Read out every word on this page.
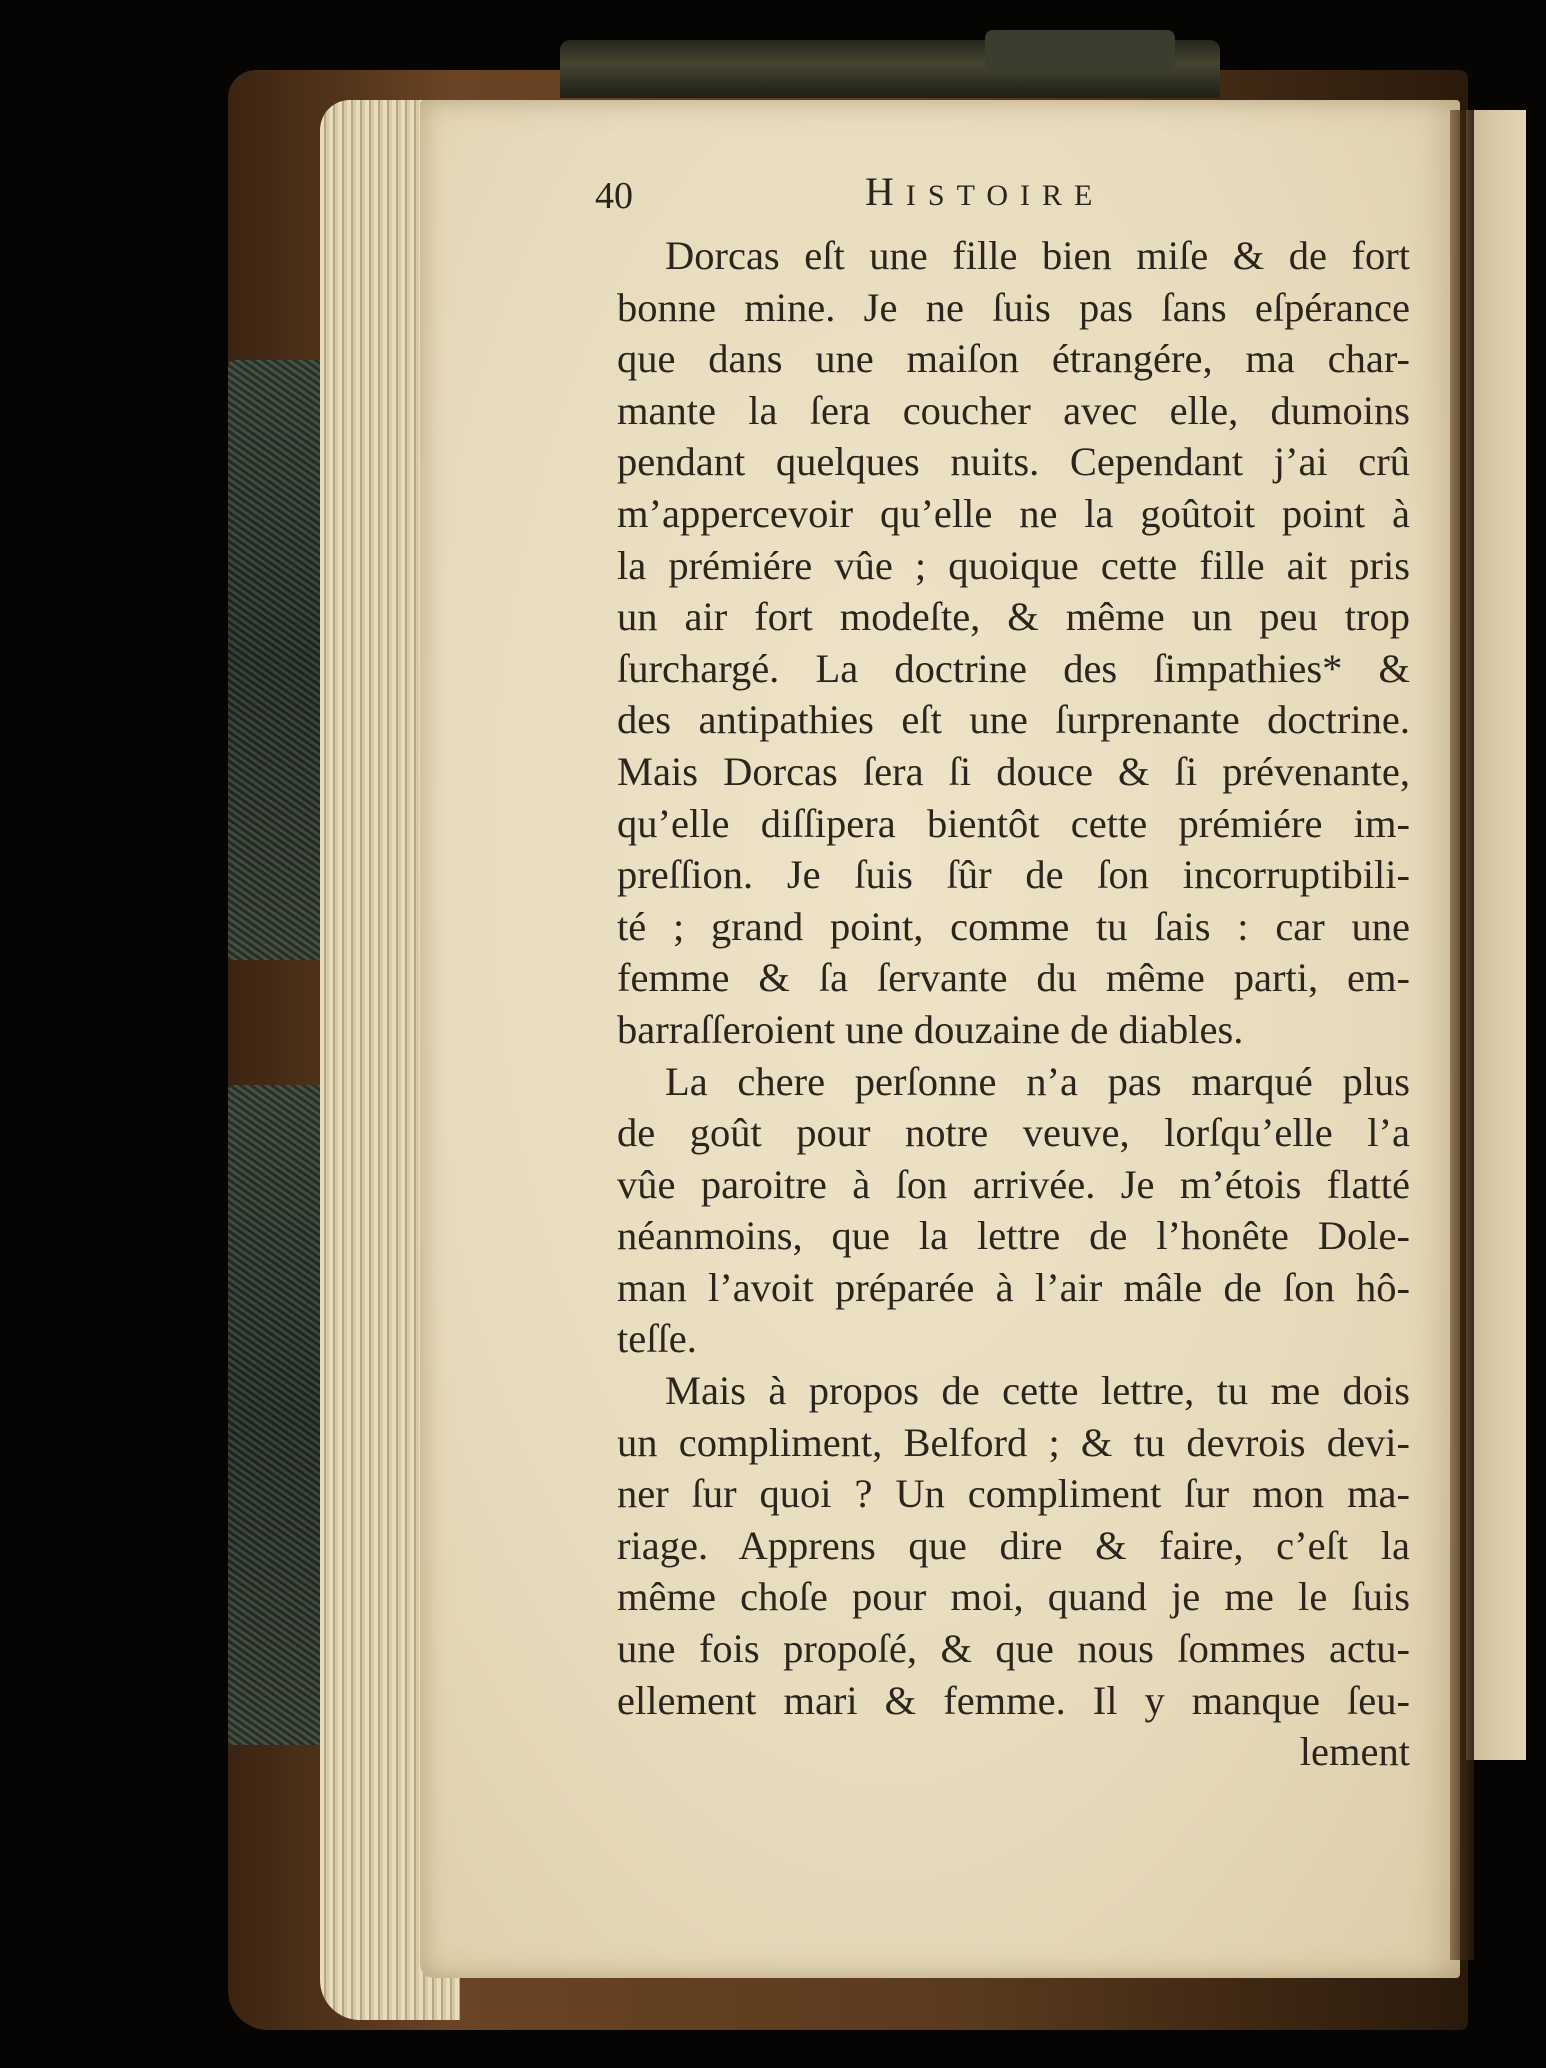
40	HISTOIRE
Dorcas eſt une fille bien miſe & de fort
bonne mine. Je ne ſuis pas ſans eſpérance
que dans une maiſon étrangére, ma char-
mante la ſera coucher avec elle, dumoins
pendant quelques nuits. Cependant j’ai crû
m’appercevoir qu’elle ne la goûtoit point à
la prémiére vûe ; quoique cette fille ait pris
un air fort modeſte, & même un peu trop
ſurchargé. La doctrine des ſimpathies* &
des antipathies eſt une ſurprenante doctrine.
Mais Dorcas ſera ſi douce & ſi prévenante,
qu’elle diſſipera bientôt cette prémiére im-
preſſion. Je ſuis ſûr de ſon incorruptibili-
té ; grand point, comme tu ſais : car une
femme & ſa ſervante du même parti, em-
barraſſeroient une douzaine de diables.
La chere perſonne n’a pas marqué plus
de goût pour notre veuve, lorſqu’elle l’a
vûe paroitre à ſon arrivée. Je m’étois flatté
néanmoins, que la lettre de l’honête Dole-
man l’avoit préparée à l’air mâle de ſon hô-
teſſe.
Mais à propos de cette lettre, tu me dois
un compliment, Belford ; & tu devrois devi-
ner ſur quoi ? Un compliment ſur mon ma-
riage. Apprens que dire & faire, c’eſt la
même choſe pour moi, quand je me le ſuis
une fois propoſé, & que nous ſommes actu-
ellement mari & femme. Il y manque ſeu-
lement
